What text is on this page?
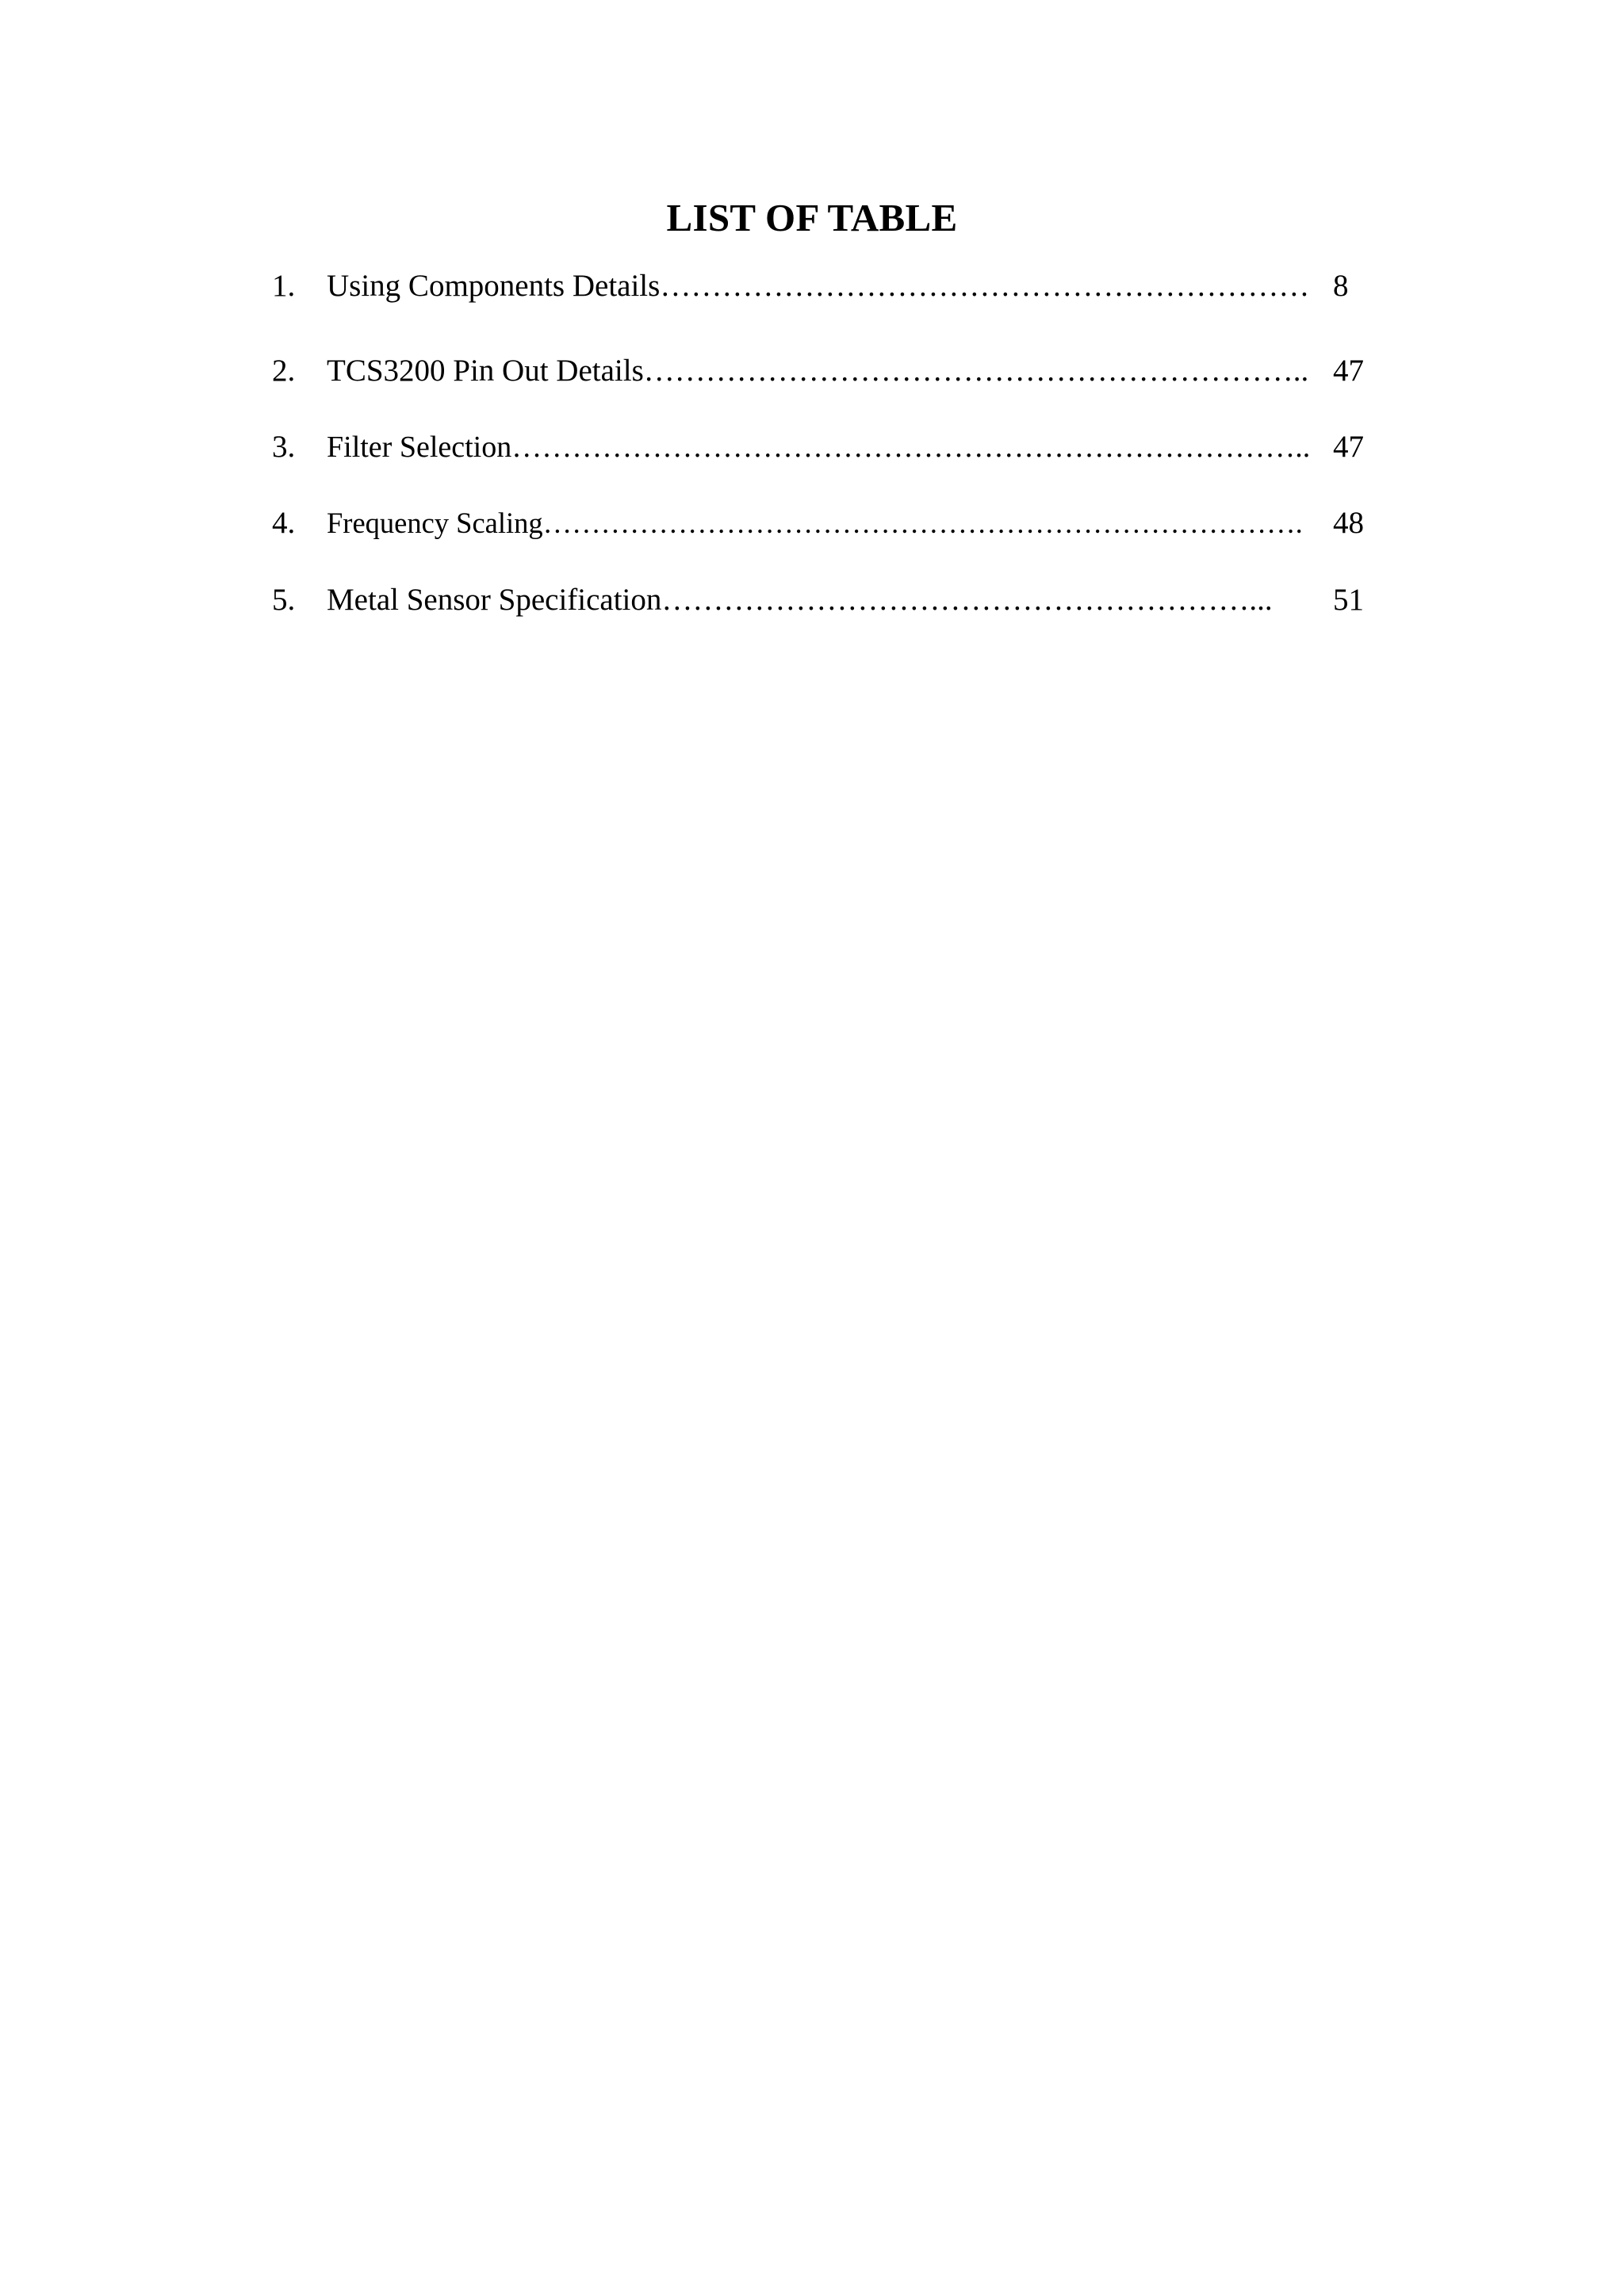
LIST OF TABLE
1. Using Components Details……………………………………………………… 8
2. TCS3200 Pin Out Details……………………………………………………….. 47
3. Filter Selection…………………………………………………………………….. 47
4. Frequency Scaling……………………………………………………………………. 48
5. Metal Sensor Specification…………………………………………………... 51
